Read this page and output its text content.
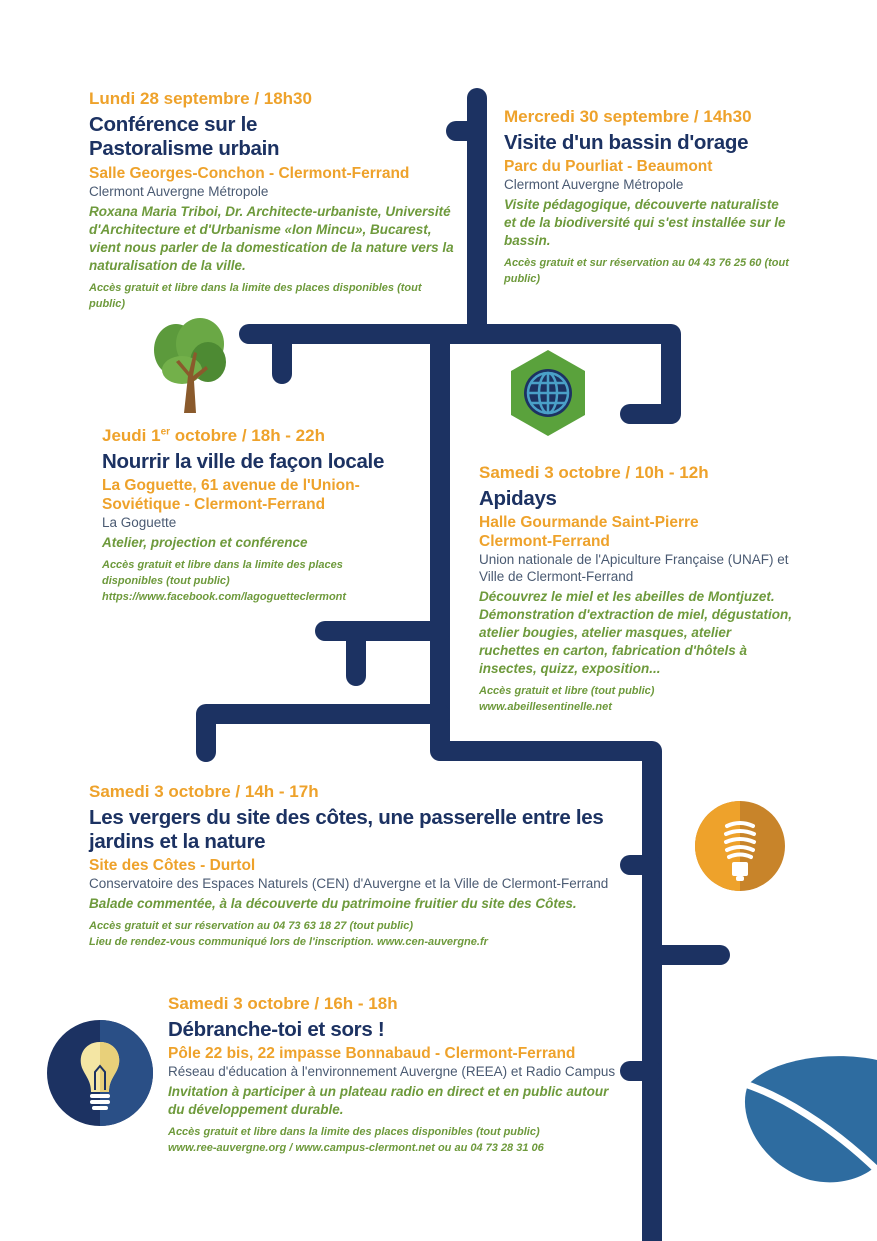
Lundi 28 septembre / 18h30
Conférence sur le Pastoralisme urbain
Salle Georges-Conchon - Clermont-Ferrand
Clermont Auvergne Métropole
Roxana Maria Triboi, Dr. Architecte-urbaniste, Université d'Architecture et d'Urbanisme «Ion Mincu», Bucarest, vient nous parler de la domestication de la nature vers la naturalisation de la ville.
Accès gratuit et libre dans la limite des places disponibles (tout public)
Mercredi 30 septembre / 14h30
Visite d'un bassin d'orage
Parc du Pourliat - Beaumont
Clermont Auvergne Métropole
Visite pédagogique, découverte naturaliste et de la biodiversité qui s'est installée sur le bassin.
Accès gratuit et sur réservation au 04 43 76 25 60 (tout public)
Jeudi 1er octobre / 18h - 22h
Nourrir la ville de façon locale
La Goguette, 61 avenue de l'Union-Soviétique - Clermont-Ferrand
La Goguette
Atelier, projection et conférence
Accès gratuit et libre dans la limite des places disponibles (tout public)
https://www.facebook.com/lagoguetteclermont
Samedi 3 octobre / 10h - 12h
Apidays
Halle Gourmande Saint-Pierre Clermont-Ferrand
Union nationale de l'Apiculture Française (UNAF) et Ville de Clermont-Ferrand
Découvrez le miel et les abeilles de Montjuzet. Démonstration d'extraction de miel, dégustation, atelier bougies, atelier masques, atelier ruchettes en carton, fabrication d'hôtels à insectes, quizz, exposition...
Accès gratuit et libre (tout public)
www.abeillesentinelle.net
Samedi 3 octobre / 14h - 17h
Les vergers du site des côtes, une passerelle entre les jardins et la nature
Site des Côtes - Durtol
Conservatoire des Espaces Naturels (CEN) d'Auvergne et la Ville de Clermont-Ferrand
Balade commentée, à la découverte du patrimoine fruitier du site des Côtes.
Accès gratuit et sur réservation au 04 73 63 18 27 (tout public)
Lieu de rendez-vous communiqué lors de l'inscription. www.cen-auvergne.fr
Samedi 3 octobre / 16h - 18h
Débranche-toi et sors !
Pôle 22 bis, 22 impasse Bonnabaud - Clermont-Ferrand
Réseau d'éducation à l'environnement Auvergne (REEA) et Radio Campus
Invitation à participer à un plateau radio en direct et en public autour du développement durable.
Accès gratuit et libre dans la limite des places disponibles (tout public)
www.ree-auvergne.org / www.campus-clermont.net ou au 04 73 28 31 06
